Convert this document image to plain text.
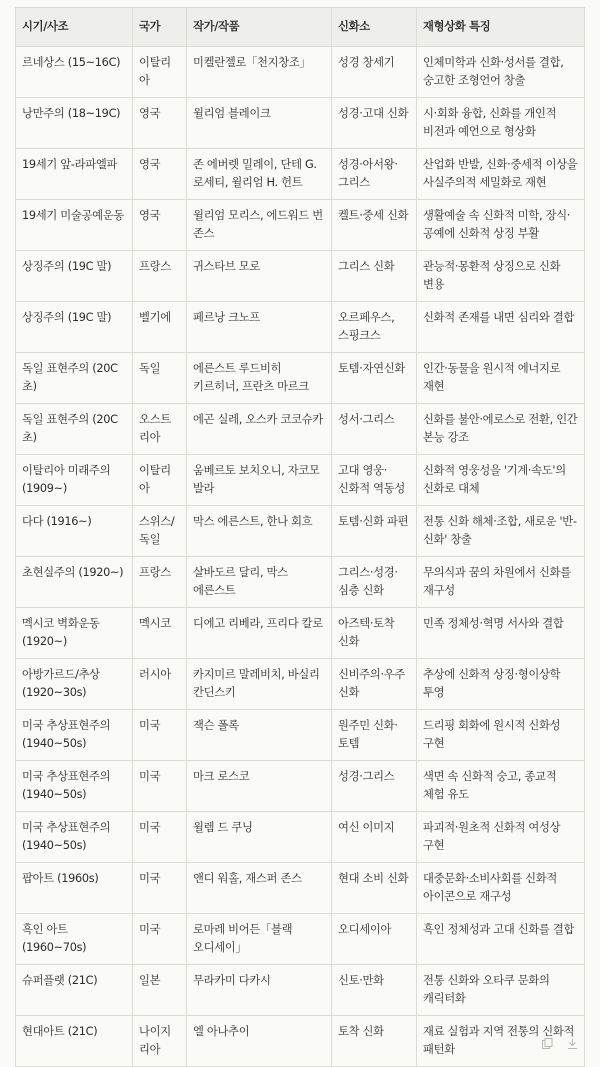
시기/사조	국가	작가/작품	신화소	재형상화 특징
르네상스 (15~16C)	이탈리아	미켈란젤로「천지창조」	성경 창세기	인체미학과 신화·성서를 결합, 숭고한 조형언어 창출
낭만주의 (18~19C)	영국	윌리엄 블레이크	성경·고대 신화	시·회화 융합, 신화를 개인적 비전과 예언으로 형상화
19세기 앞-라파엘파	영국	존 에버렛 밀레이, 단테 G. 로세티, 윌리엄 H. 헌트	성경·아서왕·그리스	산업화 반발, 신화·중세적 이상을 사실주의적 세밀화로 재현
19세기 미술공예운동	영국	윌리엄 모리스, 에드워드 번 존스	켈트·중세 신화	생활예술 속 신화적 미학, 장식·공예에 신화적 상징 부활
상징주의 (19C 말)	프랑스	귀스타브 모로	그리스 신화	관능적·몽환적 상징으로 신화 변용
상징주의 (19C 말)	벨기에	페르낭 크노프	오르페우스, 스핑크스	신화적 존재를 내면 심리와 결합
독일 표현주의 (20C 초)	독일	에른스트 루드비히 키르히너, 프란츠 마르크	토템·자연신화	인간·동물을 원시적 에너지로 재현
독일 표현주의 (20C 초)	오스트리아	에곤 실레, 오스카 코코슈카	성서·그리스	신화를 불안·에로스로 전환, 인간 본능 강조
이탈리아 미래주의 (1909~)	이탈리아	움베르토 보치오니, 자코모 발라	고대 영웅·신화적 역동성	신화적 영웅성을 '기계·속도'의 신화로 대체
다다 (1916~)	스위스/독일	막스 에른스트, 한나 회흐	토템·신화 파편	전통 신화 해체·조합, 새로운 '반-신화' 창출
초현실주의 (1920~)	프랑스	살바도르 달리, 막스 에른스트	그리스·성경·심층 신화	무의식과 꿈의 차원에서 신화를 재구성
멕시코 벽화운동 (1920~)	멕시코	디에고 리베라, 프리다 칼로	아즈텍·토착 신화	민족 정체성·혁명 서사와 결합
아방가르드/추상 (1920~30s)	러시아	카지미르 말레비치, 바실리 칸딘스키	신비주의·우주 신화	추상에 신화적 상징·형이상학 투영
미국 추상표현주의 (1940~50s)	미국	잭슨 폴록	원주민 신화·토템	드리핑 회화에 원시적 신화성 구현
미국 추상표현주의 (1940~50s)	미국	마크 로스코	성경·그리스	색면 속 신화적 숭고, 종교적 체험 유도
미국 추상표현주의 (1940~50s)	미국	윌렘 드 쿠닝	여신 이미지	파괴적·원초적 신화적 여성상 구현
팝아트 (1960s)	미국	앤디 워홀, 재스퍼 존스	현대 소비 신화	대중문화·소비사회를 신화적 아이콘으로 재구성
흑인 아트 (1960~70s)	미국	로마레 비어든「블랙 오디세이」	오디세이아	흑인 정체성과 고대 신화를 결합
슈퍼플랫 (21C)	일본	무라카미 다카시	신토·만화	전통 신화와 오타쿠 문화의 캐릭터화
현대아트 (21C)	나이지리아	엘 아나추이	토착 신화	재료 실험과 지역 전통의 신화적 패턴화
